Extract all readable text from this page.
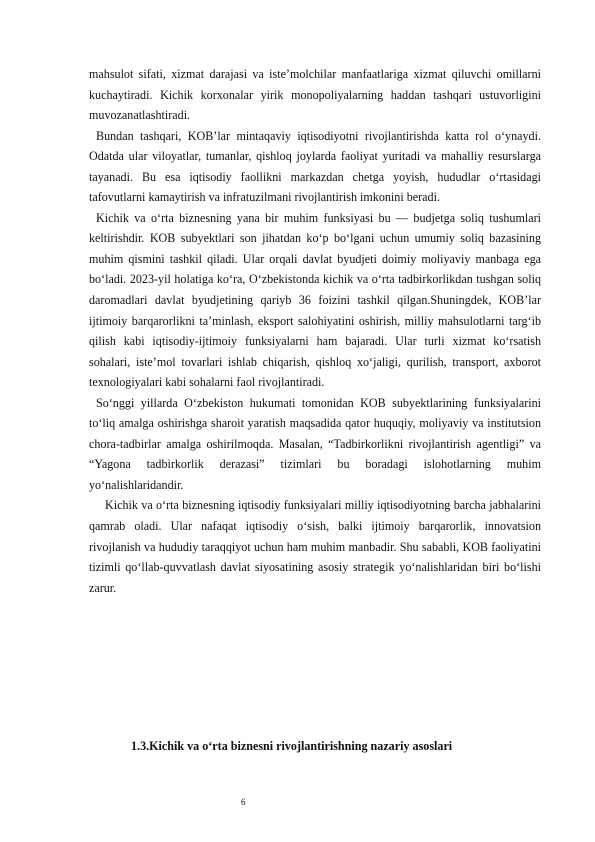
mahsulot sifati, xizmat darajasi va iste’molchilar manfaatlariga xizmat qiluvchi omillarni kuchaytiradi. Kichik korxonalar yirik monopoliyalarning haddan tashqari ustuvorligini muvozanatlashtiradi.

Bundan tashqari, KOB’lar mintaqaviy iqtisodiyotni rivojlantirishda katta rol o‘ynaydi. Odatda ular viloyatlar, tumanlar, qishloq joylarda faoliyat yuritadi va mahalliy resurslarga tayanadi. Bu esa iqtisodiy faollikni markazdan chetga yoyish, hududlar o‘rtasidagi tafovutlarni kamaytirish va infratuzilmani rivojlantirish imkonini beradi.

Kichik va o‘rta biznesning yana bir muhim funksiyasi bu — budjetga soliq tushumlari keltirishdir. KOB subyektlari son jihatdan ko‘p bo‘lgani uchun umumiy soliq bazasining muhim qismini tashkil qiladi. Ular orqali davlat byudjeti doimiy moliyaviy manbaga ega bo‘ladi. 2023-yil holatiga ko‘ra, O‘zbekistonda kichik va o‘rta tadbirkorlikdan tushgan soliq daromadlari davlat byudjetining qariyb 36 foizini tashkil qilgan.Shuningdek, KOB’lar ijtimoiy barqarorlikni ta’minlash, eksport salohiyatini oshirish, milliy mahsulotlarni targ‘ib qilish kabi iqtisodiy-ijtimoiy funksiyalarni ham bajaradi. Ular turli xizmat ko‘rsatish sohalari, iste’mol tovarlari ishlab chiqarish, qishloq xo‘jaligi, qurilish, transport, axborot texnologiyalari kabi sohalarni faol rivojlantiradi.

So‘nggi yillarda O‘zbekiston hukumati tomonidan KOB subyektlarining funksiyalarini to‘liq amalga oshirishga sharoit yaratish maqsadida qator huquqiy, moliyaviy va institutsion chora-tadbirlar amalga oshirilmoqda. Masalan, “Tadbirkorlikni rivojlantirish agentligi” va “Yagona tadbirkorlik derazasi” tizimlari bu boradagi islohotlarning muhim yo‘nalishlaridandir.

Kichik va o‘rta biznesning iqtisodiy funksiyalari milliy iqtisodiyotning barcha jabhalarini qamrab oladi. Ular nafaqat iqtisodiy o‘sish, balki ijtimoiy barqarorlik, innovatsion rivojlanish va hududiy taraqqiyot uchun ham muhim manbadir. Shu sababli, KOB faoliyatini tizimli qo‘llab-quvvatlash davlat siyosatining asosiy strategik yo‘nalishlaridan biri bo‘lishi zarur.

1.3.Kichik va o‘rta biznesni rivojlantirishning nazariy asoslari
6
